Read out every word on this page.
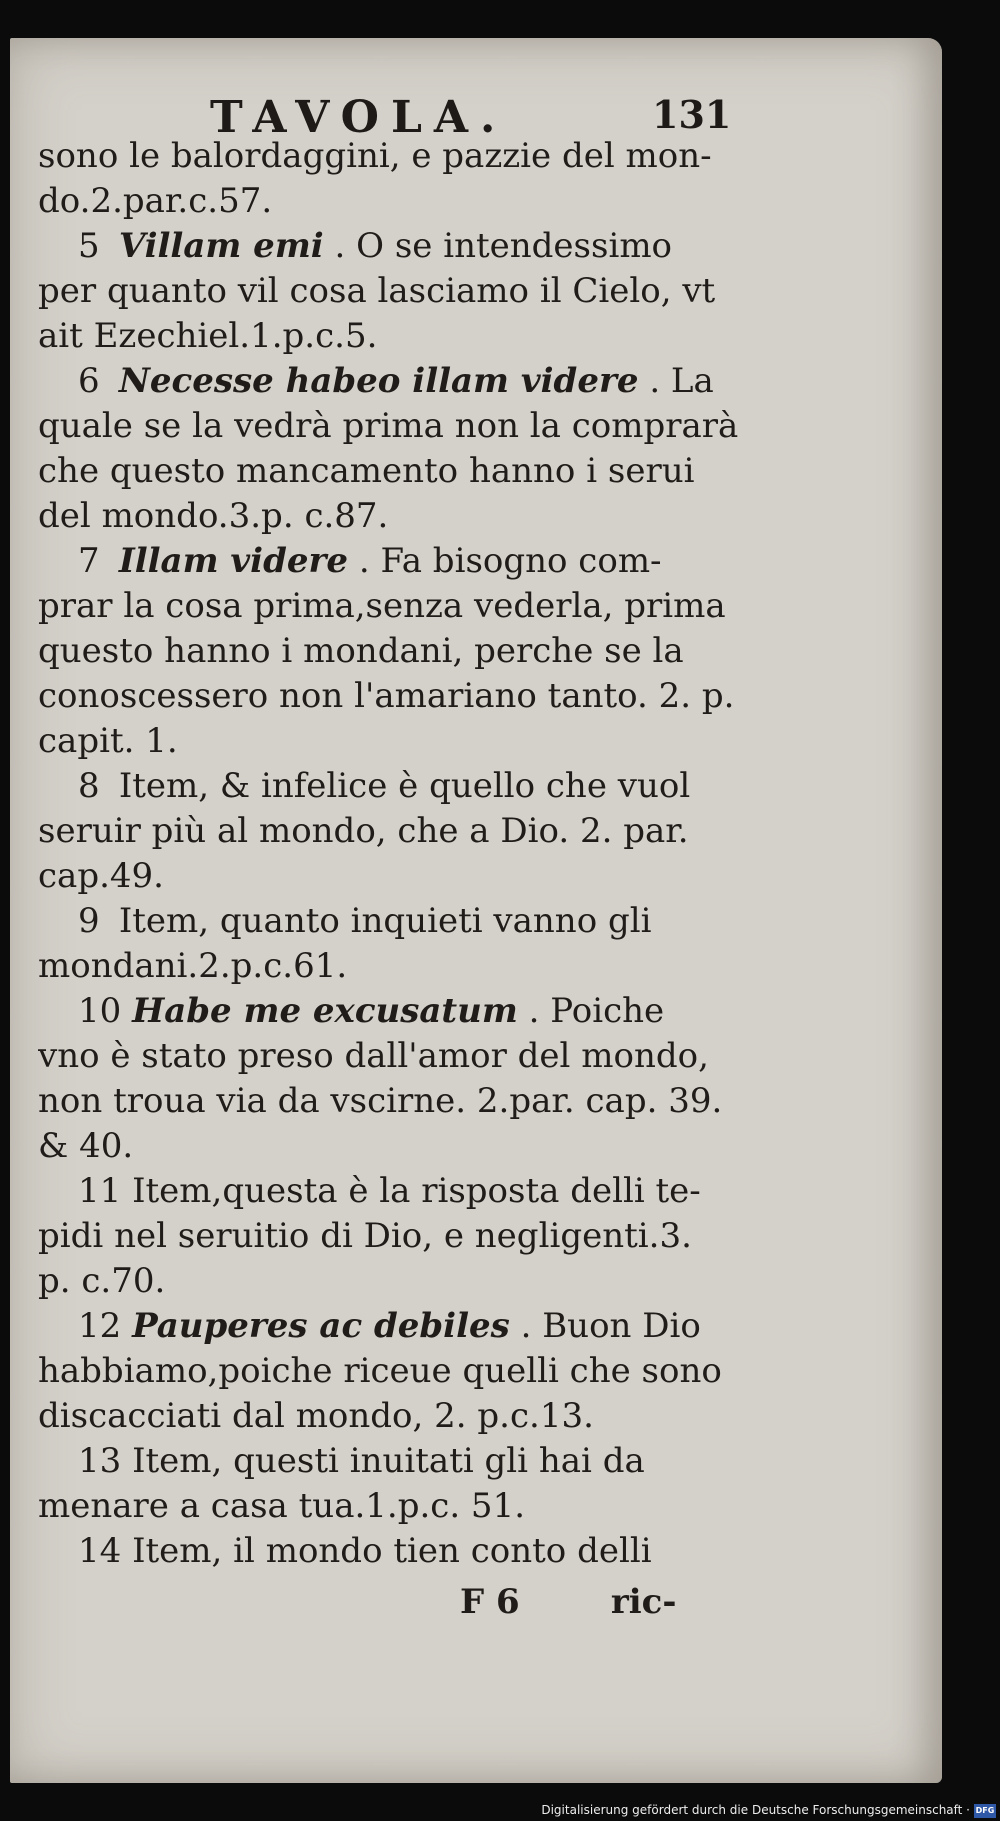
TAVOLA.	131
sono le balordaggini, e pazzie del mon-
do.2.par.c.57.
5 Villam emi . O se intendessimo
per quanto vil cosa lasciamo il Cielo, vt
ait Ezechiel.1.p.c.5.
6 Necesse habeo illam videre . La
quale se la vedrà prima non la comprarà
che questo mancamento hanno i serui
del mondo.3.p. c.87.
7 Illam videre . Fa bisogno com-
prar la cosa prima,senza vederla, prima
questo hanno i mondani, perche se la
conoscessero non l'amariano tanto. 2. p.
capit. 1.
8 Item, & infelice è quello che vuol
seruir più al mondo, che a Dio. 2. par.
cap.49.
9 Item, quanto inquieti vanno gli
mondani.2.p.c.61.
10 Habe me excusatum . Poiche
vno è stato preso dall'amor del mondo,
non troua via da vscirne. 2.par. cap. 39.
& 40.
11 Item,questa è la risposta delli te-
pidi nel seruitio di Dio, e negligenti.3.
p. c.70.
12 Pauperes ac debiles . Buon Dio
habbiamo,poiche riceue quelli che sono
discacciati dal mondo, 2. p.c.13.
13 Item, questi inuitati gli hai da
menare a casa tua.1.p.c. 51.
14 Item, il mondo tien conto delli
F 6	ric-
Digitalisierung gefördert durch die Deutsche Forschungsgemeinschaft · DFG
